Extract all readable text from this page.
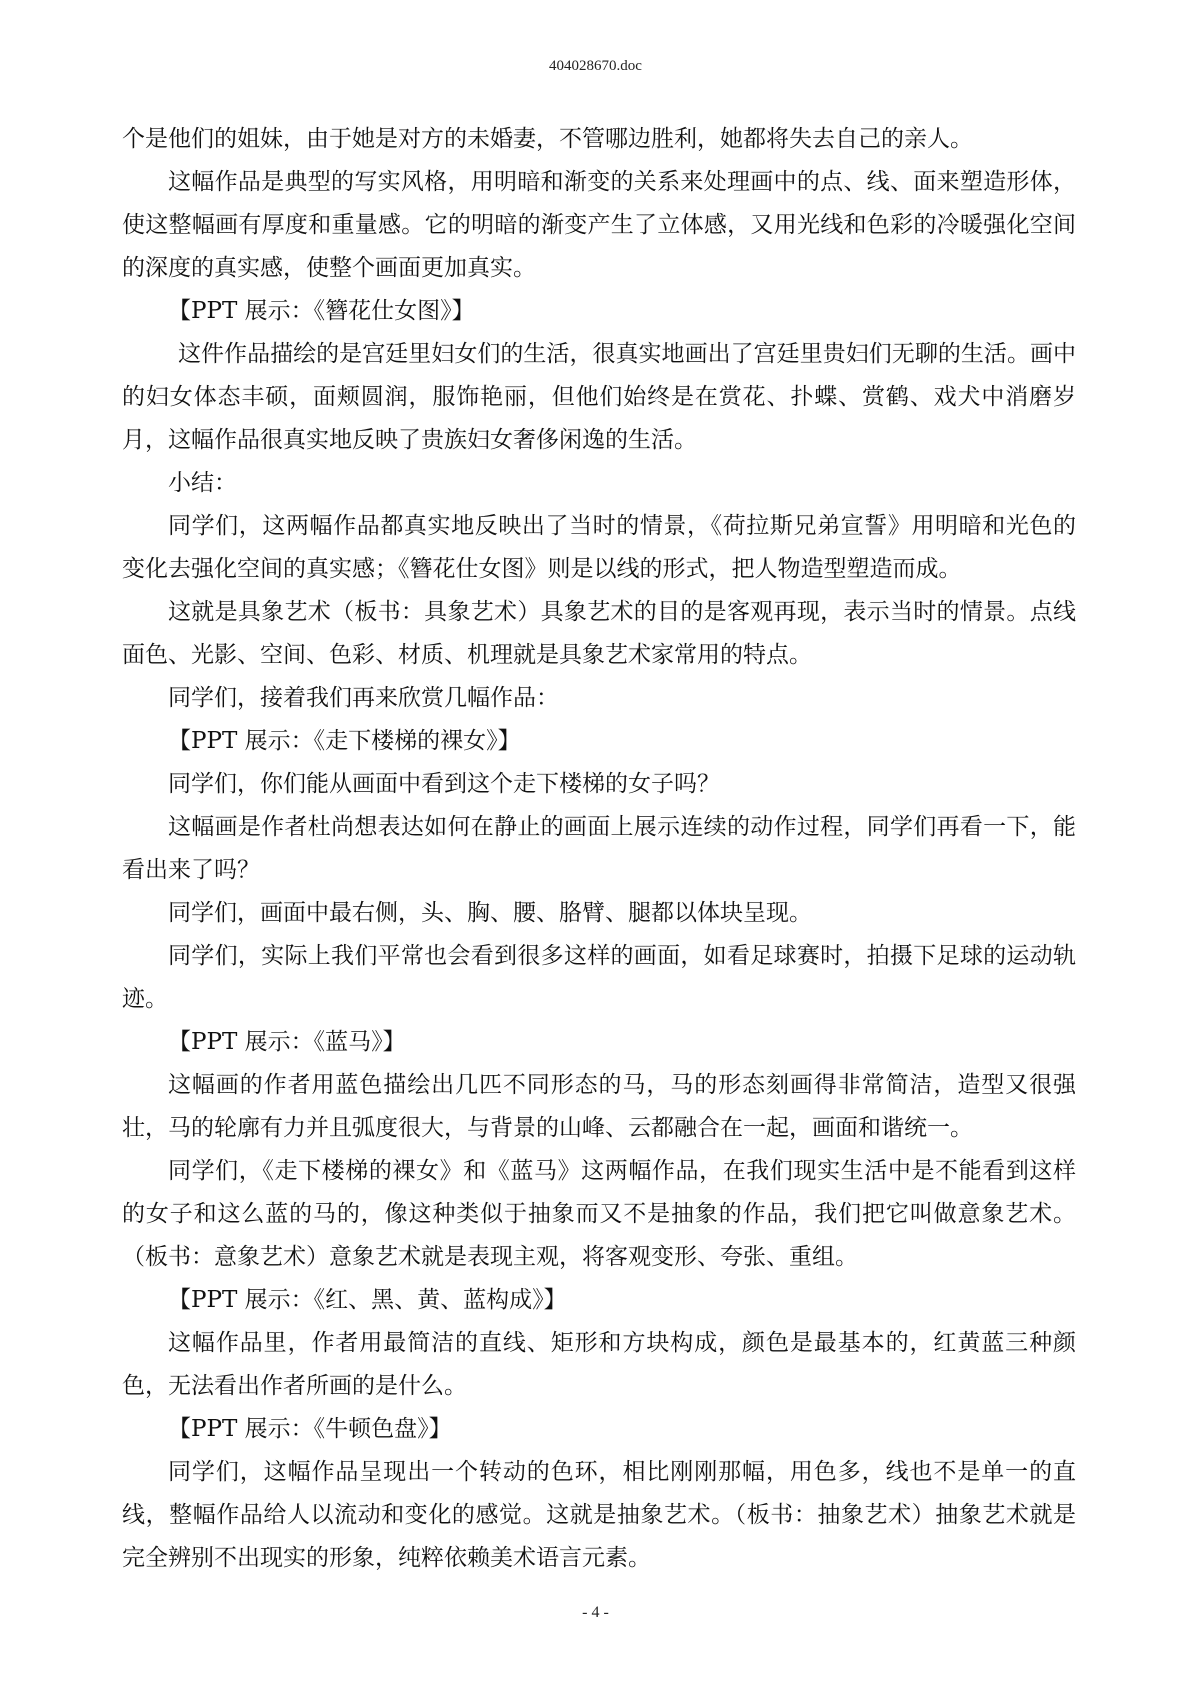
404028670.doc

个是他们的姐妹，由于她是对方的未婚妻，不管哪边胜利，她都将失去自己的亲人。

这幅作品是典型的写实风格，用明暗和渐变的关系来处理画中的点、线、面来塑造形体，使这整幅画有厚度和重量感。它的明暗的渐变产生了立体感，又用光线和色彩的冷暖强化空间的深度的真实感，使整个画面更加真实。

【PPT 展示：《簪花仕女图》】

这件作品描绘的是宫廷里妇女们的生活，很真实地画出了宫廷里贵妇们无聊的生活。画中的妇女体态丰硕，面颊圆润，服饰艳丽，但他们始终是在赏花、扑蝶、赏鹤、戏犬中消磨岁月，这幅作品很真实地反映了贵族妇女奢侈闲逸的生活。

小结：

同学们，这两幅作品都真实地反映出了当时的情景，《荷拉斯兄弟宣誓》用明暗和光色的变化去强化空间的真实感；《簪花仕女图》则是以线的形式，把人物造型塑造而成。

这就是具象艺术（板书：具象艺术）具象艺术的目的是客观再现，表示当时的情景。点线面色、光影、空间、色彩、材质、机理就是具象艺术家常用的特点。

同学们，接着我们再来欣赏几幅作品：

【PPT 展示：《走下楼梯的裸女》】

同学们，你们能从画面中看到这个走下楼梯的女子吗？

这幅画是作者杜尚想表达如何在静止的画面上展示连续的动作过程，同学们再看一下，能看出来了吗？

同学们，画面中最右侧，头、胸、腰、胳臂、腿都以体块呈现。

同学们，实际上我们平常也会看到很多这样的画面，如看足球赛时，拍摄下足球的运动轨迹。

【PPT 展示：《蓝马》】

这幅画的作者用蓝色描绘出几匹不同形态的马，马的形态刻画得非常简洁，造型又很强壮，马的轮廓有力并且弧度很大，与背景的山峰、云都融合在一起，画面和谐统一。

同学们，《走下楼梯的裸女》和《蓝马》这两幅作品，在我们现实生活中是不能看到这样的女子和这么蓝的马的，像这种类似于抽象而又不是抽象的作品，我们把它叫做意象艺术。（板书：意象艺术）意象艺术就是表现主观，将客观变形、夸张、重组。

【PPT 展示：《红、黑、黄、蓝构成》】

这幅作品里，作者用最简洁的直线、矩形和方块构成，颜色是最基本的，红黄蓝三种颜色，无法看出作者所画的是什么。

【PPT 展示：《牛顿色盘》】

同学们，这幅作品呈现出一个转动的色环，相比刚刚那幅，用色多，线也不是单一的直线，整幅作品给人以流动和变化的感觉。这就是抽象艺术。（板书：抽象艺术）抽象艺术就是完全辨别不出现实的形象，纯粹依赖美术语言元素。

- 4 -
